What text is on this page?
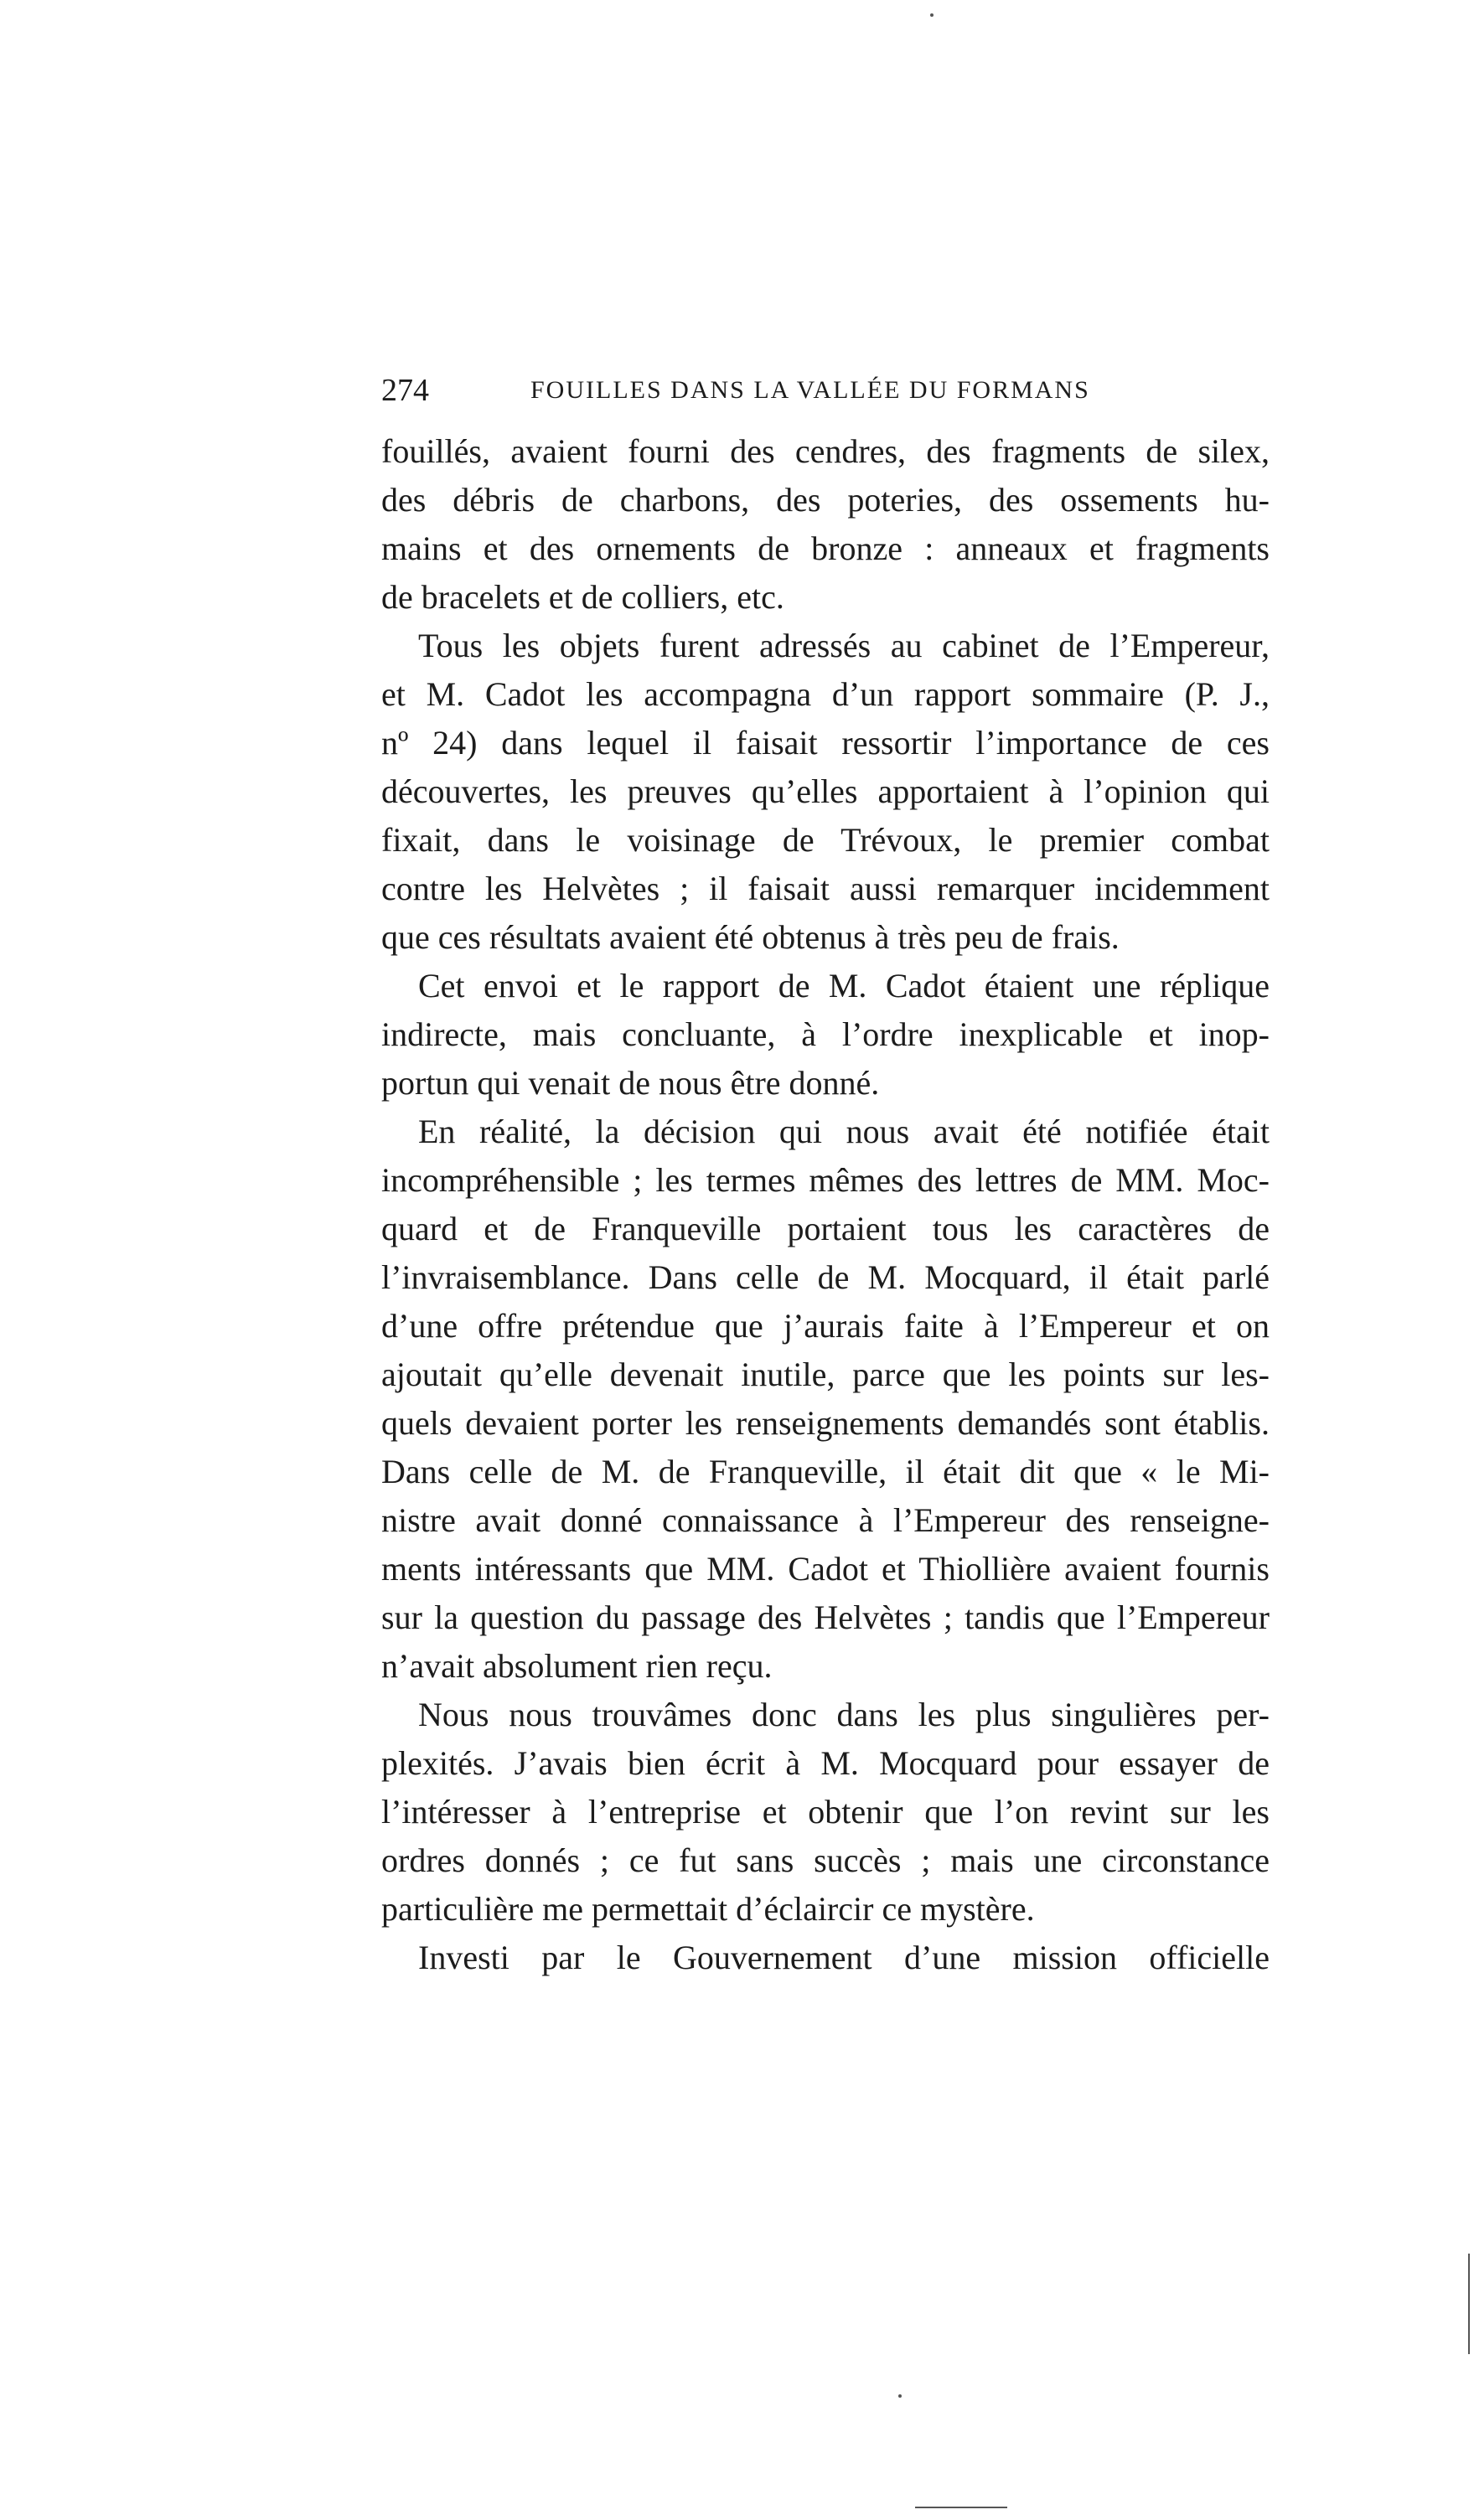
274	FOUILLES DANS LA VALLÉE DU FORMANS
fouillés, avaient fourni des cendres, des fragments de silex,
des débris de charbons, des poteries, des ossements hu-
mains et des ornements de bronze : anneaux et fragments
de bracelets et de colliers, etc.
Tous les objets furent adressés au cabinet de l’Empereur,
et M. Cadot les accompagna d’un rapport sommaire (P. J.,
nº 24) dans lequel il faisait ressortir l’importance de ces
découvertes, les preuves qu’elles apportaient à l’opinion qui
fixait, dans le voisinage de Trévoux, le premier combat
contre les Helvètes ; il faisait aussi remarquer incidemment
que ces résultats avaient été obtenus à très peu de frais.
Cet envoi et le rapport de M. Cadot étaient une réplique
indirecte, mais concluante, à l’ordre inexplicable et inop-
portun qui venait de nous être donné.
En réalité, la décision qui nous avait été notifiée était
incompréhensible ; les termes mêmes des lettres de MM. Moc-
quard et de Franqueville portaient tous les caractères de
l’invraisemblance. Dans celle de M. Mocquard, il était parlé
d’une offre prétendue que j’aurais faite à l’Empereur et on
ajoutait qu’elle devenait inutile, parce que les points sur les-
quels devaient porter les renseignements demandés sont établis.
Dans celle de M. de Franqueville, il était dit que « le Mi-
nistre avait donné connaissance à l’Empereur des renseigne-
ments intéressants que MM. Cadot et Thiollière avaient fournis
sur la question du passage des Helvètes ; tandis que l’Empereur
n’avait absolument rien reçu.
Nous nous trouvâmes donc dans les plus singulières per-
plexités. J’avais bien écrit à M. Mocquard pour essayer de
l’intéresser à l’entreprise et obtenir que l’on revint sur les
ordres donnés ; ce fut sans succès ; mais une circonstance
particulière me permettait d’éclaircir ce mystère.
Investi par le Gouvernement d’une mission officielle
